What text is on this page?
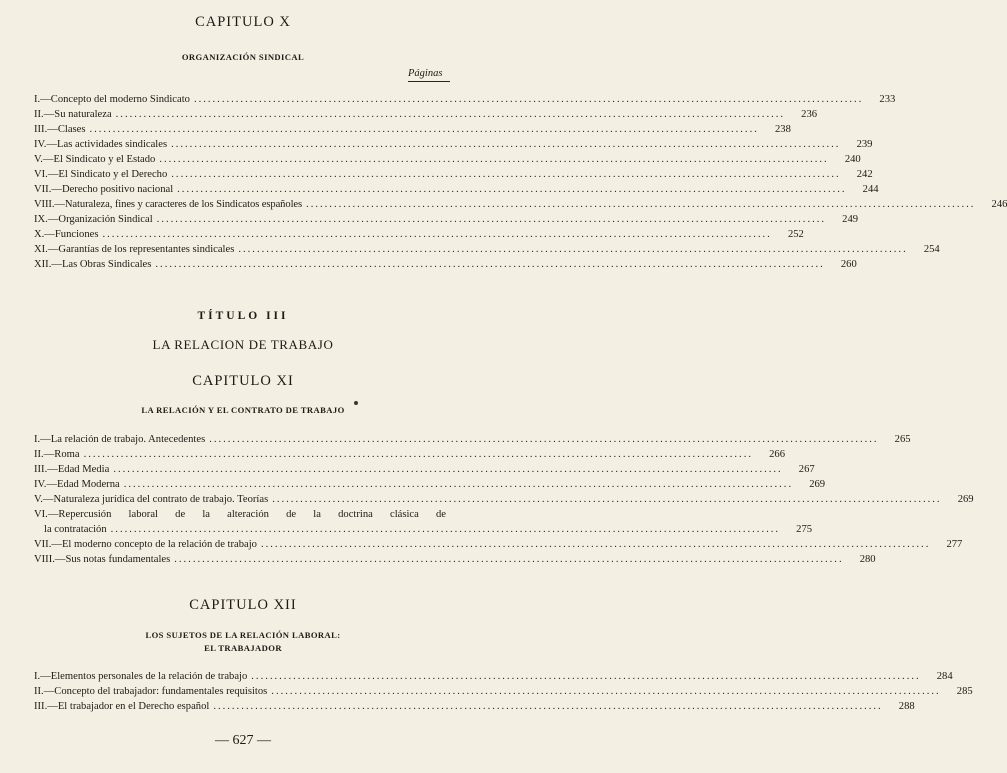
CAPITULO X
ORGANIZACIÓN SINDICAL
Páginas
I.—Concepto del moderno Sindicato .....	233
II.—Su naturaleza .....	236
III.—Clases .....	238
IV.—Las actividades sindicales .....	239
V.—El Sindicato y el Estado .....	240
VI.—El Sindicato y el Derecho .....	242
VII.—Derecho positivo nacional .....	244
VIII.—Naturaleza, fines y caracteres de los Sindicatos españoles .....	246
IX.—Organización Sindical .....	249
X.—Funciones .....	252
XI.—Garantías de los representantes sindicales .....	254
XII.—Las Obras Sindicales .....	260
TÍTULO III
LA RELACION DE TRABAJO
CAPITULO XI
LA RELACIÓN Y EL CONTRATO DE TRABAJO
I.—La relación de trabajo. Antecedentes .....	265
II.—Roma .....	266
III.—Edad Media .....	267
IV.—Edad Moderna .....	269
V.—Naturaleza jurídica del contrato de trabajo. Teorías .....	269
VI.—Repercusión laboral de la alteración de la doctrina clásica de
la contratación .....	275
VII.—El moderno concepto de la relación de trabajo .....	277
VIII.—Sus notas fundamentales .....	280
CAPITULO XII
LOS SUJETOS DE LA RELACIÓN LABORAL:
EL TRABAJADOR
I.—Elementos personales de la relación de trabajo .....	284
II.—Concepto del trabajador: fundamentales requisitos .....	285
III.—El trabajador en el Derecho español .....	288
— 627 —
